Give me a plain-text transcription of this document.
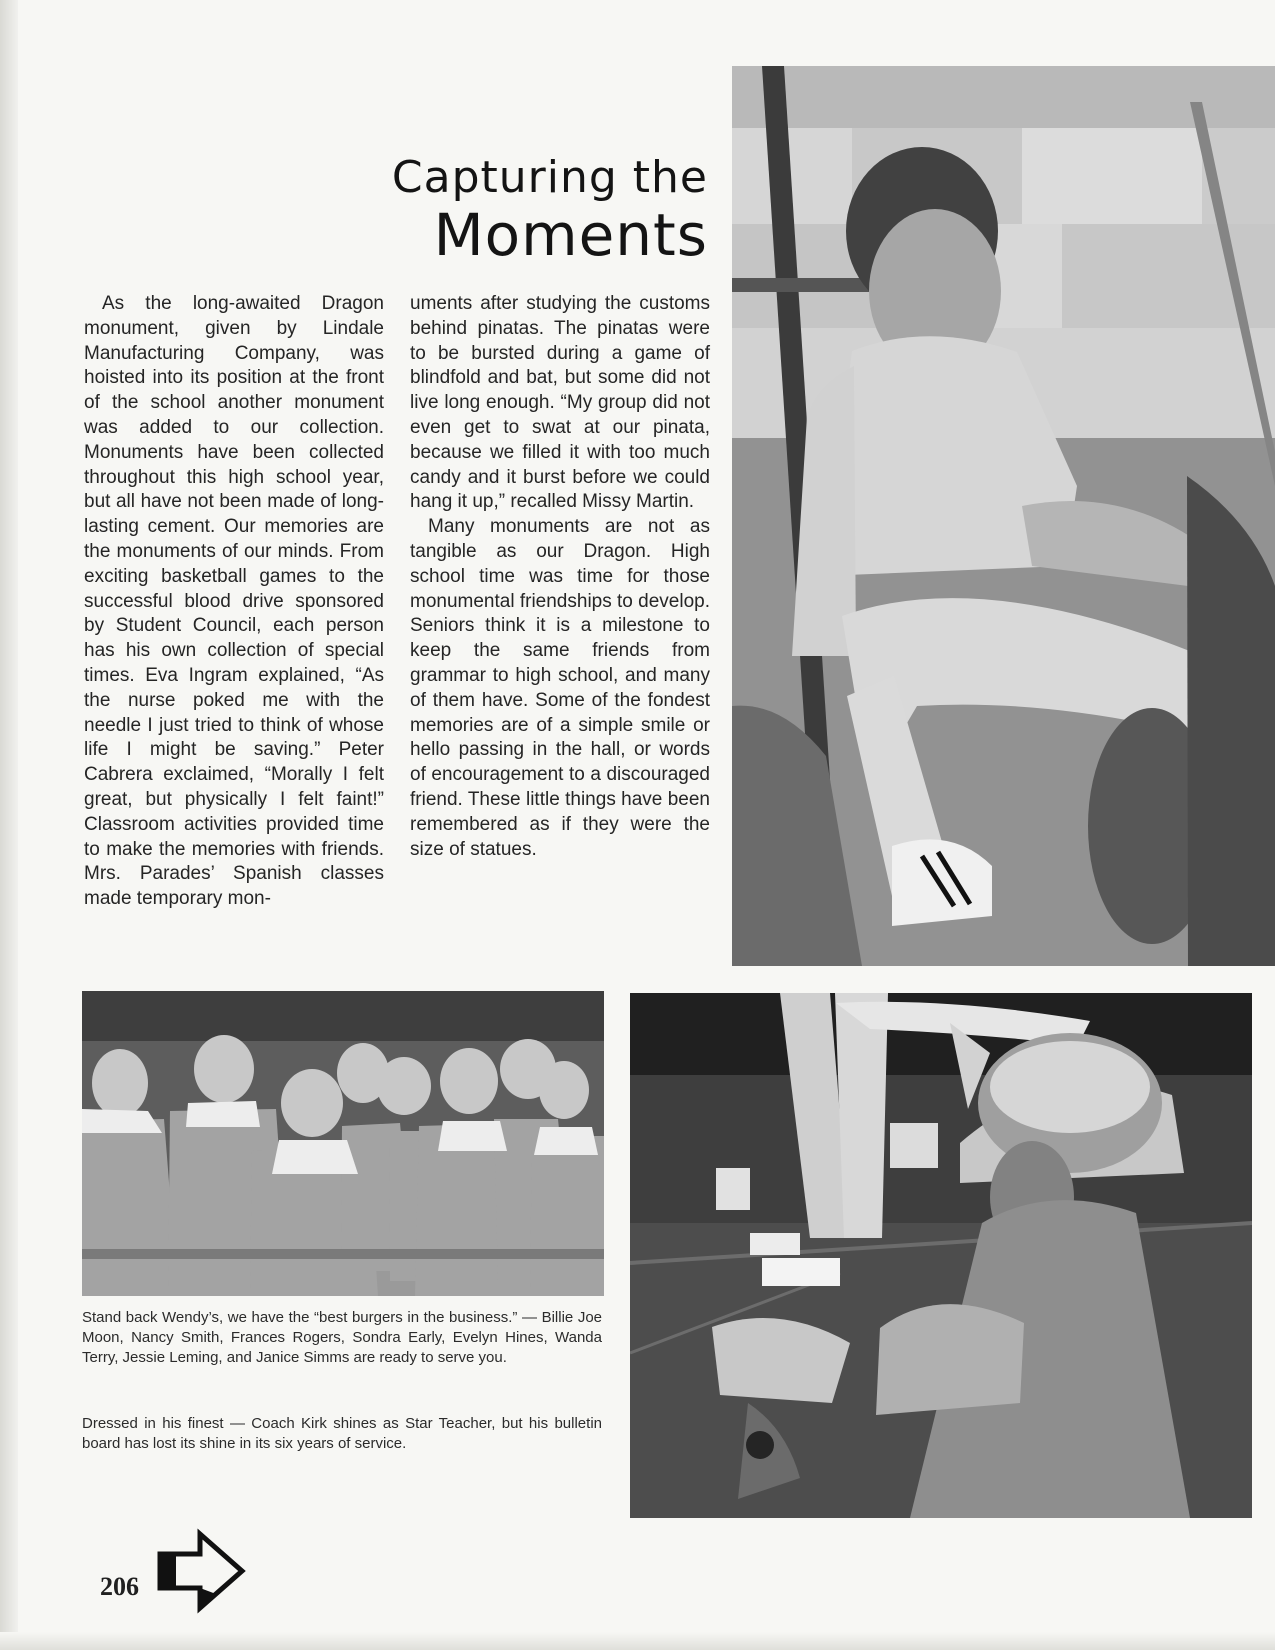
Capturing the
Moments

As the long-awaited Dragon monument, given by Lindale Manufacturing Company, was hoisted into its position at the front of the school another monument was added to our collection. Monuments have been collected throughout this high school year, but all have not been made of long-lasting cement. Our memories are the monuments of our minds. From exciting basketball games to the successful blood drive sponsored by Student Council, each person has his own collection of special times. Eva Ingram explained, “As the nurse poked me with the needle I just tried to think of whose life I might be saving.” Peter Cabrera exclaimed, “Morally I felt great, but physically I felt faint!” Classroom activities provided time to make the memories with friends. Mrs. Parades’ Spanish classes made temporary mon-

uments after studying the customs behind pinatas. The pinatas were to be bursted during a game of blindfold and bat, but some did not live long enough. “My group did not even get to swat at our pinata, because we filled it with too much candy and it burst before we could hang it up,” recalled Missy Martin.

Many monuments are not as tangible as our Dragon. High school time was time for those monumental friendships to develop. Seniors think it is a milestone to keep the same friends from grammar to high school, and many of them have. Some of the fondest memories are of a simple smile or hello passing in the hall, or words of encouragement to a discouraged friend. These little things have been remembered as if they were the size of statues.

Stand back Wendy’s, we have the “best burgers in the business.” — Billie Joe Moon, Nancy Smith, Frances Rogers, Sondra Early, Evelyn Hines, Wanda Terry, Jessie Leming, and Janice Simms are ready to serve you.
Dressed in his finest — Coach Kirk shines as Star Teacher, but his bulletin board has lost its shine in its six years of service.
206
